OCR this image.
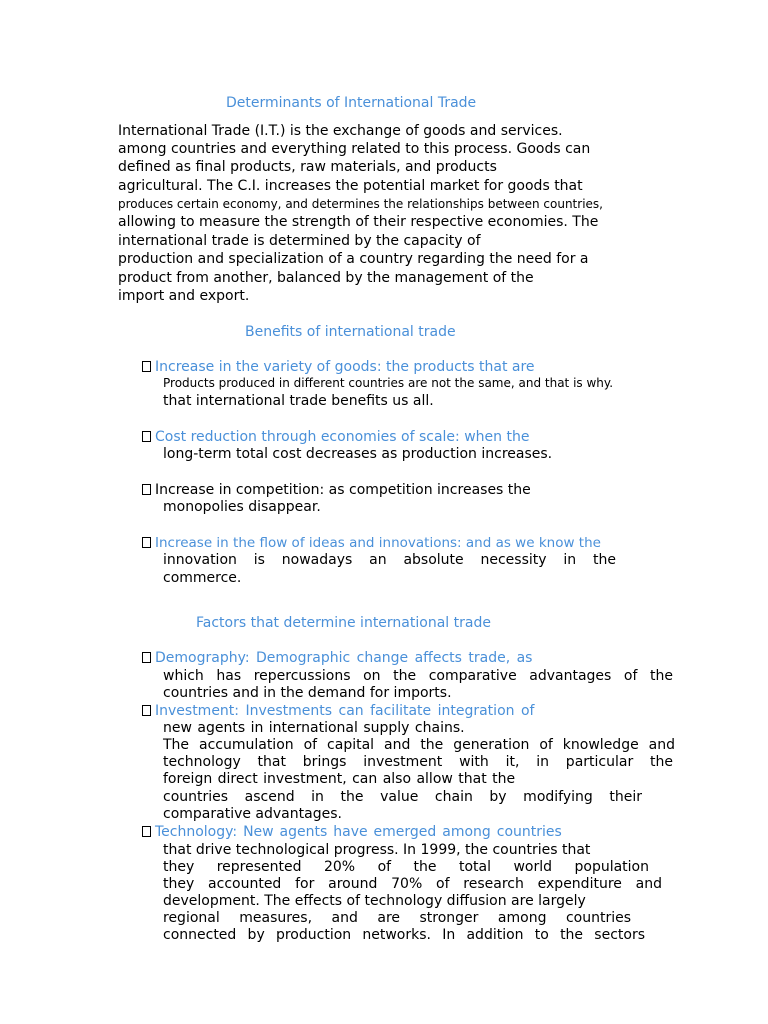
Determinants of International Trade
International Trade (I.T.) is the exchange of goods and services.
among countries and everything related to this process. Goods can
defined as final products, raw materials, and products
agricultural. The C.I. increases the potential market for goods that
produces certain economy, and determines the relationships between countries,
allowing to measure the strength of their respective economies. The
international trade is determined by the capacity of
production and specialization of a country regarding the need for a
product from another, balanced by the management of the
import and export.
Benefits of international trade
Increase in the variety of goods: the products that are
Products produced in different countries are not the same, and that is why.
that international trade benefits us all.
Cost reduction through economies of scale: when the
long-term total cost decreases as production increases.
Increase in competition: as competition increases the
monopolies disappear.
Increase in the flow of ideas and innovations: and as we know the
innovation is nowadays an absolute necessity in the
commerce.
Factors that determine international trade
Demography: Demographic change affects trade, as
which has repercussions on the comparative advantages of the
countries and in the demand for imports.
Investment: Investments can facilitate integration of
new agents in international supply chains.
The accumulation of capital and the generation of knowledge and
technology that brings investment with it, in particular the
foreign direct investment, can also allow that the
countries ascend in the value chain by modifying their
comparative advantages.
Technology: New agents have emerged among countries
that drive technological progress. In 1999, the countries that
they represented 20% of the total world population
they accounted for around 70% of research expenditure and
development. The effects of technology diffusion are largely
regional measures, and are stronger among countries
connected by production networks. In addition to the sectors
